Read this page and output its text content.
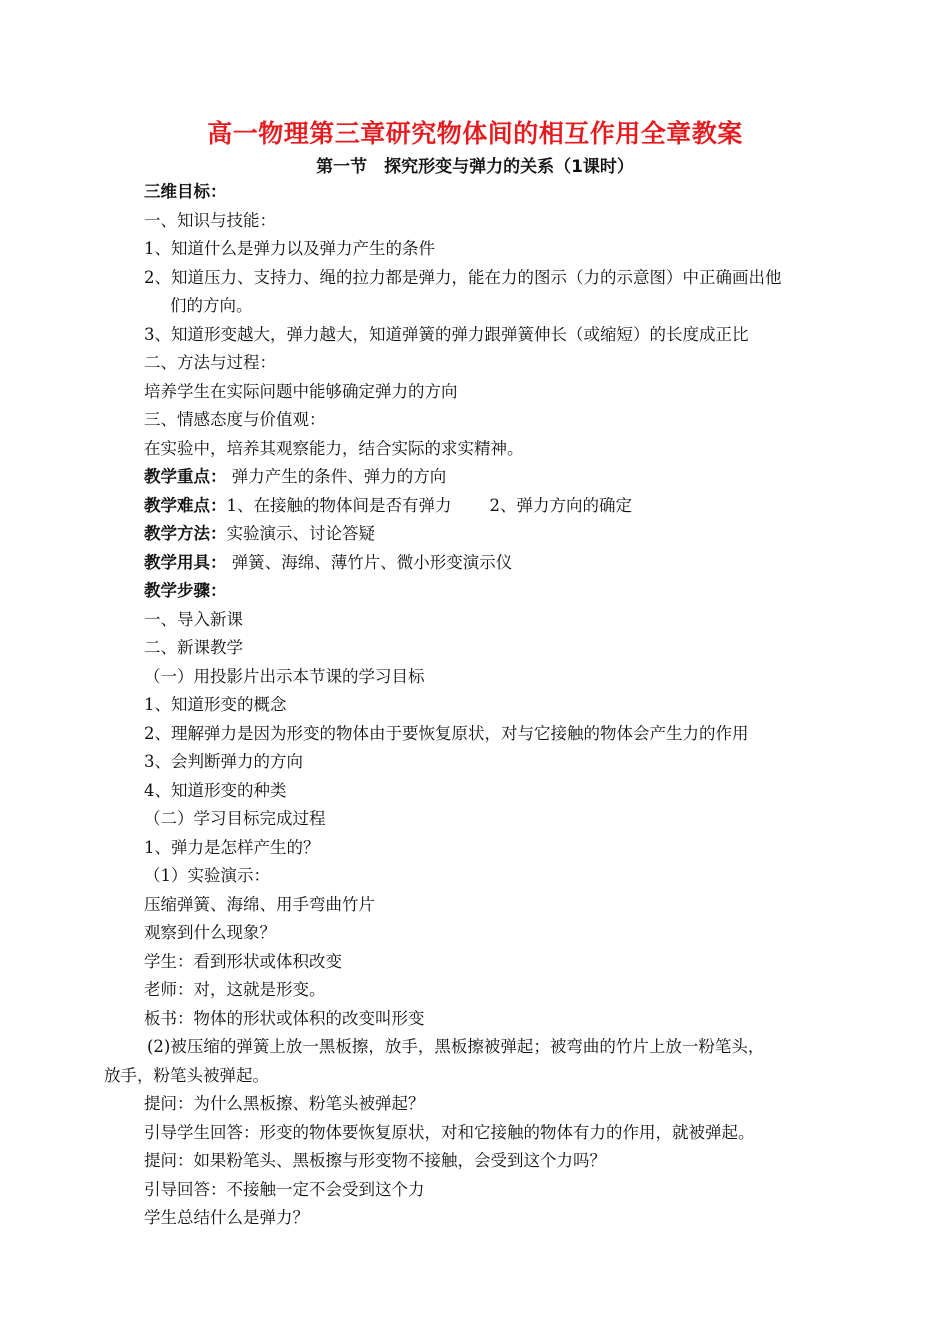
高一物理第三章研究物体间的相互作用全章教案
第一节　探究形变与弹力的关系（1课时）
三维目标：
一、知识与技能：
1、知道什么是弹力以及弹力产生的条件
2、知道压力、支持力、绳的拉力都是弹力，能在力的图示（力的示意图）中正确画出他
们的方向。
3、知道形变越大，弹力越大，知道弹簧的弹力跟弹簧伸长（或缩短）的长度成正比
二、方法与过程：
培养学生在实际问题中能够确定弹力的方向
三、情感态度与价值观：
在实验中，培养其观察能力，结合实际的求实精神。
教学重点： 弹力产生的条件、弹力的方向
教学难点：1、在接触的物体间是否有弹力 2、弹力方向的确定
教学方法：实验演示、讨论答疑
教学用具： 弹簧、海绵、薄竹片、微小形变演示仪
教学步骤：
一、导入新课
二、新课教学
（一）用投影片出示本节课的学习目标
1、知道形变的概念
2、理解弹力是因为形变的物体由于要恢复原状，对与它接触的物体会产生力的作用
3、会判断弹力的方向
4、知道形变的种类
（二）学习目标完成过程
1、弹力是怎样产生的？
（1）实验演示：
压缩弹簧、海绵、用手弯曲竹片
观察到什么现象？
学生：看到形状或体积改变
老师：对，这就是形变。
板书：物体的形状或体积的改变叫形变
(2)被压缩的弹簧上放一黑板擦，放手，黑板擦被弹起；被弯曲的竹片上放一粉笔头，
放手，粉笔头被弹起。
提问：为什么黑板擦、粉笔头被弹起？
引导学生回答：形变的物体要恢复原状，对和它接触的物体有力的作用，就被弹起。
提问：如果粉笔头、黑板擦与形变物不接触，会受到这个力吗？
引导回答：不接触一定不会受到这个力
学生总结什么是弹力？
